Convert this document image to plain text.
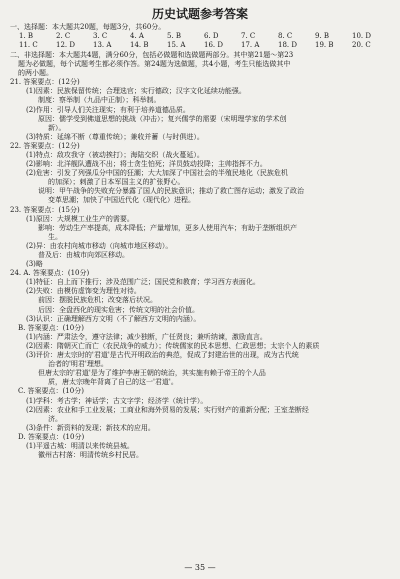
历史试题参考答案
一、选择题：本大题共20题，每题3分，共60分。
1. B	2. C	3. C	4. A	5. B	6. D	7. C	8. C	9. B	10. D
11. C	12. D	13. A	14. B	15. A	16. D	17. A	18. D	19. B	20. C
二、非选择题：本大题共4题，满分60分，包括必做题和选做题两部分。其中第21题～第23
题为必做题，每个试题考生都必须作答。第24题为选做题，共4小题，考生只能选做其中
的两小题。
21. 答案要点：(12分)
(1)因素：民族保留传统；合理选官；实行德政；汉字文化延续功能强。
制度：察举制（九品中正制）；科举制。
(2)作用：引导人们关注现实；有利于培养道德品质。
原因：儒学受到佛道思想的挑战（冲击）；复兴儒学的需要（宋明理学家的学术创
新）。
(3)特质：延绵不断（尊重传统）；兼收并蓄（与时俱进）。
22. 答案要点：(12分)
(1)特点：敌攻我守（被动挨打）；海陆交织（战火蔓延）。
(2)影响：北洋舰队遭战不出；将士贪生怕死；洋员鼓动投降；主帅指挥不力。
(2)危害：引发了列强瓜分中国的狂潮；大大加深了中国社会的半殖民地化（民族危机
的加深）；刺激了日本军国主义的扩张野心。
说明：甲午战争的失败充分暴露了国人的民族意识；推动了救亡图存运动；激发了政治
变革思潮；加快了中国近代化（现代化）进程。
23. 答案要点：(15分)
(1)原因：大规模工业生产的需要。
影响：劳动生产率提高，成本降低；产量增加，更多人使用汽车；有助于垄断组织产
生。
(2)异：由农村向城市移动（向城市地区移动）。
普及后：由城市向郊区移动。
(3)略
24. A. 答案要点：(10分)
(1)特征：自上而下推行；涉及范围广泛；国民党和教育；学习西方表面化。
(2)失败：由模仿虚饰变为理性对待。
前因：摆脱民族危机；改变落后状况。
后因：全盘西化的现实危害；传统文明的社会价值。
(3)认识：正确理解西方文明（不了解西方文明的内涵）。
B. 答案要点：(10分)
(1)内涵：严肃法令，遵守法律；减少独断，广任贤良；兼听纳谏，激励直言。
(2)因素：隋朝灭亡而亡（农民战争的威力）；传统儒家的民本思想、仁政思想；太宗个人的素质
(3)评价：唐太宗时的'君道'是古代开明政治的典范，促成了封建治世的出现，成为古代统
治者的'明君'理想。
但唐太宗的'君道'是为了维护李唐王朝的统治，其实施有赖于帝王的个人品
质，唐太宗晚年背离了自己的这一'君道'。
C. 答案要点：(10分)
(1)学科：考古学；神话学；古文字学；经济学（统计学）。
(2)因素：农业和手工业发展；工商业和海外贸易的发展；实行财产的重新分配；王室垄断经
济。
(3)条件：新资料的发现；新技术的应用。
D. 答案要点：(10分)
(1)平遥古城：明清以来传统县城。
徽州古村落：明清传统乡村民居。
— 35 —
